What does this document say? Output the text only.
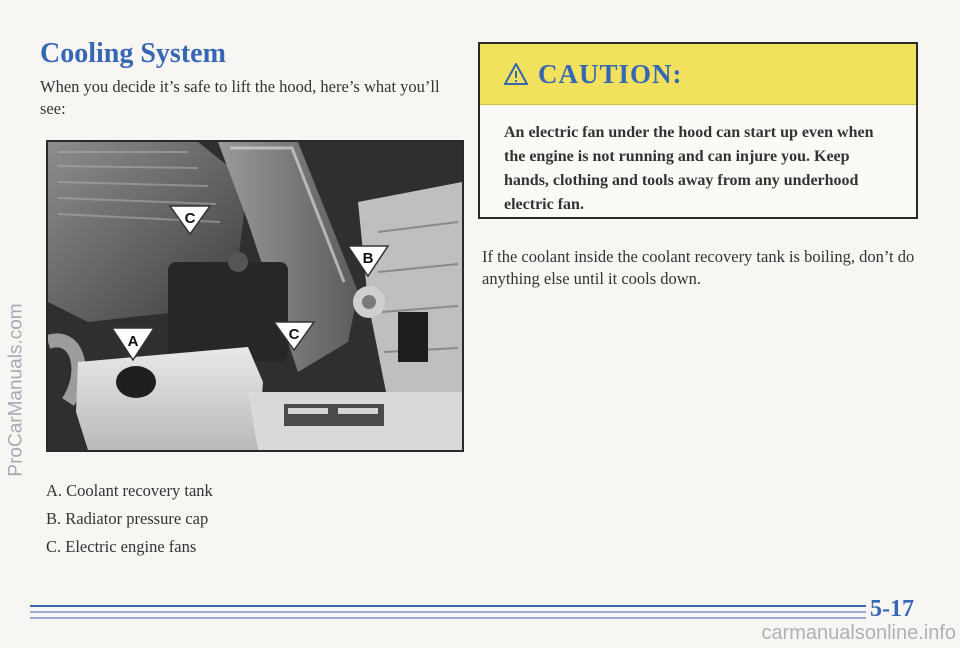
ProCarManuals.com
Cooling System

When you decide it’s safe to lift the hood, here’s what you’ll see:

C
B
A	C
A. Coolant recovery tank
B. Radiator pressure cap
C. Electric engine fans
CAUTION:

An electric fan under the hood can start up even when the engine is not running and can injure you. Keep hands, clothing and tools away from any underhood electric fan.

If the coolant inside the coolant recovery tank is boiling, don’t do anything else until it cools down.

5-17
carmanualsonline.info
